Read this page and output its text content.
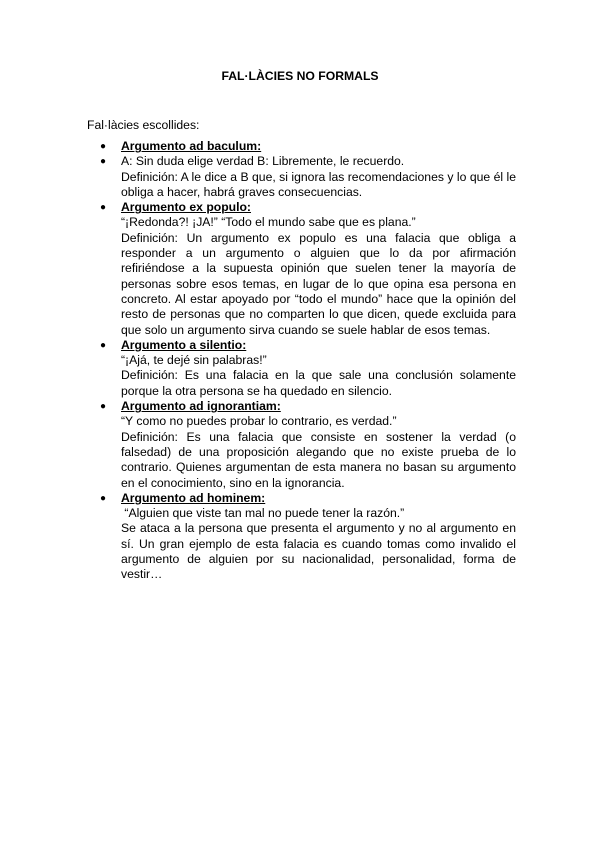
FAL·LÀCIES NO FORMALS
Fal·làcies escollides:
● Argumento ad baculum:
● A: Sin duda elige verdad B: Libremente, le recuerdo.
Definición: A le dice a B que, si ignora las recomendaciones y lo que él le obliga a hacer, habrá graves consecuencias.
● Argumento ex populo:
“¡Redonda?! ¡JA!” “Todo el mundo sabe que es plana.”
Definición: Un argumento ex populo es una falacia que obliga a responder a un argumento o alguien que lo da por afirmación refiriéndose a la supuesta opinión que suelen tener la mayoría de personas sobre esos temas, en lugar de lo que opina esa persona en concreto. Al estar apoyado por “todo el mundo” hace que la opinión del resto de personas que no comparten lo que dicen, quede excluida para que solo un argumento sirva cuando se suele hablar de esos temas.
● Argumento a silentio:
“¡Ajá, te dejé sin palabras!”
Definición: Es una falacia en la que sale una conclusión solamente porque la otra persona se ha quedado en silencio.
● Argumento ad ignorantiam:
“Y como no puedes probar lo contrario, es verdad.”
Definición: Es una falacia que consiste en sostener la verdad (o falsedad) de una proposición alegando que no existe prueba de lo contrario. Quienes argumentan de esta manera no basan su argumento en el conocimiento, sino en la ignorancia.
● Argumento ad hominem:
“Alguien que viste tan mal no puede tener la razón.”
Se ataca a la persona que presenta el argumento y no al argumento en sí. Un gran ejemplo de esta falacia es cuando tomas como invalido el argumento de alguien por su nacionalidad, personalidad, forma de vestir…
